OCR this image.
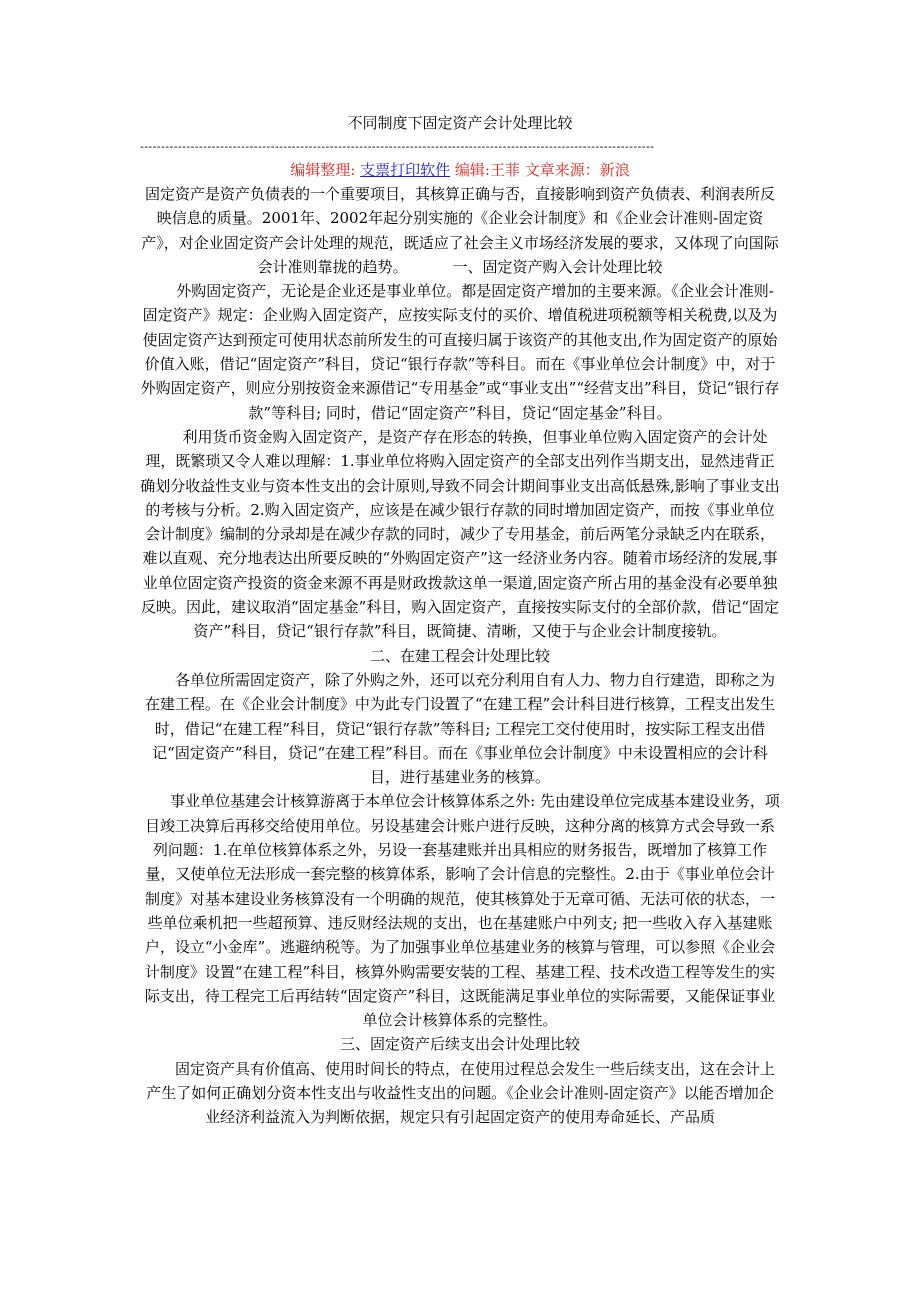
不同制度下固定资产会计处理比较
--------------------------------------------------------------------------------------------------------------------------
编辑整理: 支票打印软件 编辑:王菲 文章来源：新浪

固定资产是资产负债表的一个重要项目，其核算正确与否，直接影响到资产负债表、利润表所反映信息的质量。2001年、2002年起分别实施的《企业会计制度》和《企业会计准则-固定资产》，对企业固定资产会计处理的规范，既适应了社会主义市场经济发展的要求，又体现了向国际会计准则靠拢的趋势。	一、固定资产购入会计处理比较

外购固定资产，无论是企业还是事业单位。都是固定资产增加的主要来源。《企业会计准则-固定资产》规定：企业购入固定资产，应按实际支付的买价、增值税进项税额等相关税费,以及为使固定资产达到预定可使用状态前所发生的可直接归属于该资产的其他支出,作为固定资产的原始价值入账，借记“固定资产”科目，贷记“银行存款”等科目。而在《事业单位会计制度》中，对于外购固定资产，则应分别按资金来源借记“专用基金”或“事业支出”“经营支出”科目，贷记“银行存款”等科目; 同时，借记“固定资产”科目，贷记“固定基金”科目。

利用货币资金购入固定资产，是资产存在形态的转换，但事业单位购入固定资产的会计处理，既繁琐又令人难以理解：1.事业单位将购入固定资产的全部支出列作当期支出，显然违背正确划分收益性支业与资本性支出的会计原则,导致不同会计期间事业支出高低悬殊,影响了事业支出的考核与分析。2.购入固定资产，应该是在减少银行存款的同时增加固定资产，而按《事业单位会计制度》编制的分录却是在减少存款的同时，减少了专用基金，前后两笔分录缺乏内在联系，难以直观、充分地表达出所要反映的“外购固定资产”这一经济业务内容。随着市场经济的发展,事业单位固定资产投资的资金来源不再是财政拨款这单一渠道,固定资产所占用的基金没有必要单独反映。因此，建议取消“固定基金”科目，购入固定资产，直接按实际支付的全部价款，借记“固定资产”科目，贷记“银行存款”科目，既简捷、清晰，又使于与企业会计制度接轨。

二、在建工程会计处理比较

各单位所需固定资产，除了外购之外，还可以充分利用自有人力、物力自行建造，即称之为在建工程。在《企业会计制度》中为此专门设置了“在建工程”会计科目进行核算，工程支出发生时，借记“在建工程”科目，贷记“银行存款”等科目; 工程完工交付使用时，按实际工程支出借记“固定资产”科目，贷记“在建工程”科目。而在《事业单位会计制度》中未设置相应的会计科目，进行基建业务的核算。

事业单位基建会计核算游离于本单位会计核算体系之外: 先由建设单位完成基本建设业务，项目竣工决算后再移交给使用单位。另设基建会计账户进行反映，这种分离的核算方式会导致一系列问题：1.在单位核算体系之外，另设一套基建账并出具相应的财务报告，既增加了核算工作量，又使单位无法形成一套完整的核算体系，影响了会计信息的完整性。2.由于《事业单位会计制度》对基本建设业务核算没有一个明确的规范，使其核算处于无章可循、无法可依的状态，一些单位乘机把一些超预算、违反财经法规的支出，也在基建账户中列支; 把一些收入存入基建账户，设立“小金库”。逃避纳税等。为了加强事业单位基建业务的核算与管理，可以参照《企业会计制度》设置“在建工程”科目，核算外购需要安装的工程、基建工程、技术改造工程等发生的实际支出，待工程完工后再结转“固定资产”科目，这既能满足事业单位的实际需要，又能保证事业单位会计核算体系的完整性。

三、固定资产后续支出会计处理比较

固定资产具有价值高、使用时间长的特点，在使用过程总会发生一些后续支出，这在会计上产生了如何正确划分资本性支出与收益性支出的问题。《企业会计准则-固定资产》以能否增加企业经济利益流入为判断依据，规定只有引起固定资产的使用寿命延长、产品质
